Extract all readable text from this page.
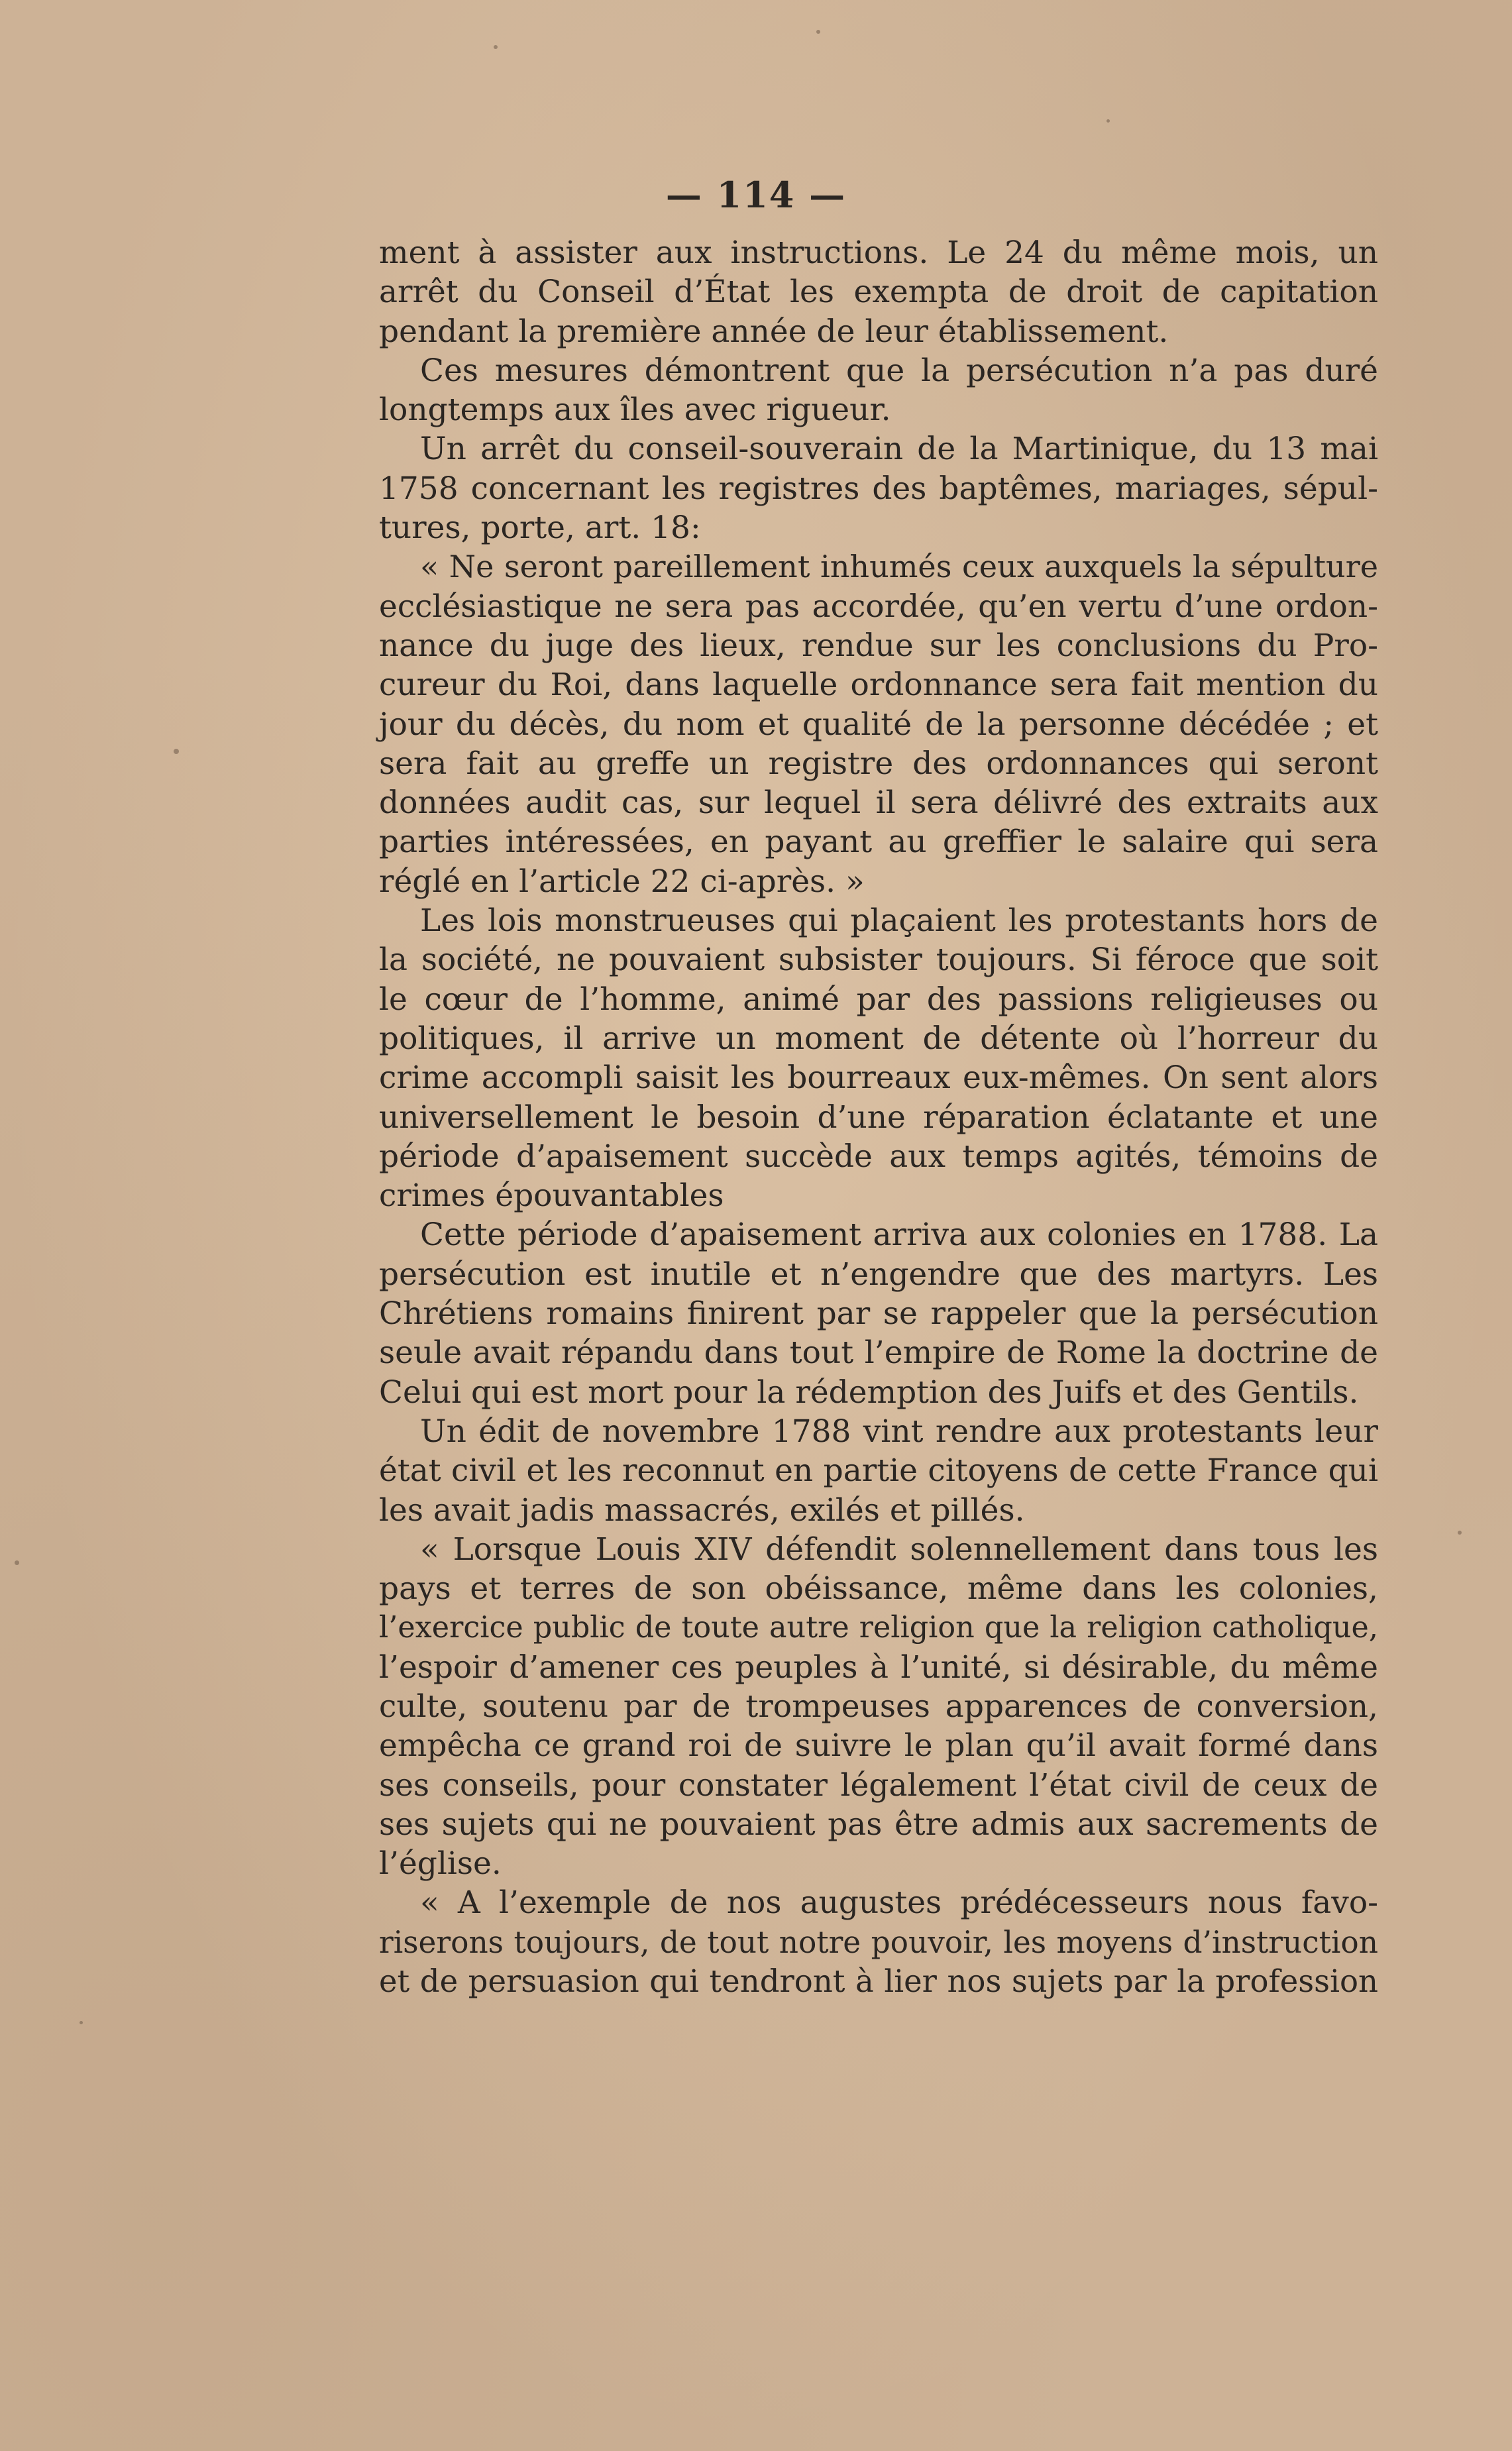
— 114 —
ment à assister aux instructions. Le 24 du même mois, un
arrêt du Conseil d’État les exempta de droit de capitation
pendant la première année de leur établissement.
Ces mesures démontrent que la persécution n’a pas duré
longtemps aux îles avec rigueur.
Un arrêt du conseil-souverain de la Martinique, du 13 mai
1758 concernant les registres des baptêmes, mariages, sépul-
tures, porte, art. 18:
« Ne seront pareillement inhumés ceux auxquels la sépulture
ecclésiastique ne sera pas accordée, qu’en vertu d’une ordon-
nance du juge des lieux, rendue sur les conclusions du Pro-
cureur du Roi, dans laquelle ordonnance sera fait mention du
jour du décès, du nom et qualité de la personne décédée ; et
sera fait au greffe un registre des ordonnances qui seront
données audit cas, sur lequel il sera délivré des extraits aux
parties intéressées, en payant au greffier le salaire qui sera
réglé en l’article 22 ci-après. »
Les lois monstrueuses qui plaçaient les protestants hors de
la société, ne pouvaient subsister toujours. Si féroce que soit
le cœur de l’homme, animé par des passions religieuses ou
politiques, il arrive un moment de détente où l’horreur du
crime accompli saisit les bourreaux eux-mêmes. On sent alors
universellement le besoin d’une réparation éclatante et une
période d’apaisement succède aux temps agités, témoins de
crimes épouvantables
Cette période d’apaisement arriva aux colonies en 1788. La
persécution est inutile et n’engendre que des martyrs. Les
Chrétiens romains finirent par se rappeler que la persécution
seule avait répandu dans tout l’empire de Rome la doctrine de
Celui qui est mort pour la rédemption des Juifs et des Gentils.
Un édit de novembre 1788 vint rendre aux protestants leur
état civil et les reconnut en partie citoyens de cette France qui
les avait jadis massacrés, exilés et pillés.
« Lorsque Louis XIV défendit solennellement dans tous les
pays et terres de son obéissance, même dans les colonies,
l’exercice public de toute autre religion que la religion catholique,
l’espoir d’amener ces peuples à l’unité, si désirable, du même
culte, soutenu par de trompeuses apparences de conversion,
empêcha ce grand roi de suivre le plan qu’il avait formé dans
ses conseils, pour constater légalement l’état civil de ceux de
ses sujets qui ne pouvaient pas être admis aux sacrements de
l’église.
« A l’exemple de nos augustes prédécesseurs nous favo-
riserons toujours, de tout notre pouvoir, les moyens d’instruction
et de persuasion qui tendront à lier nos sujets par la profession
